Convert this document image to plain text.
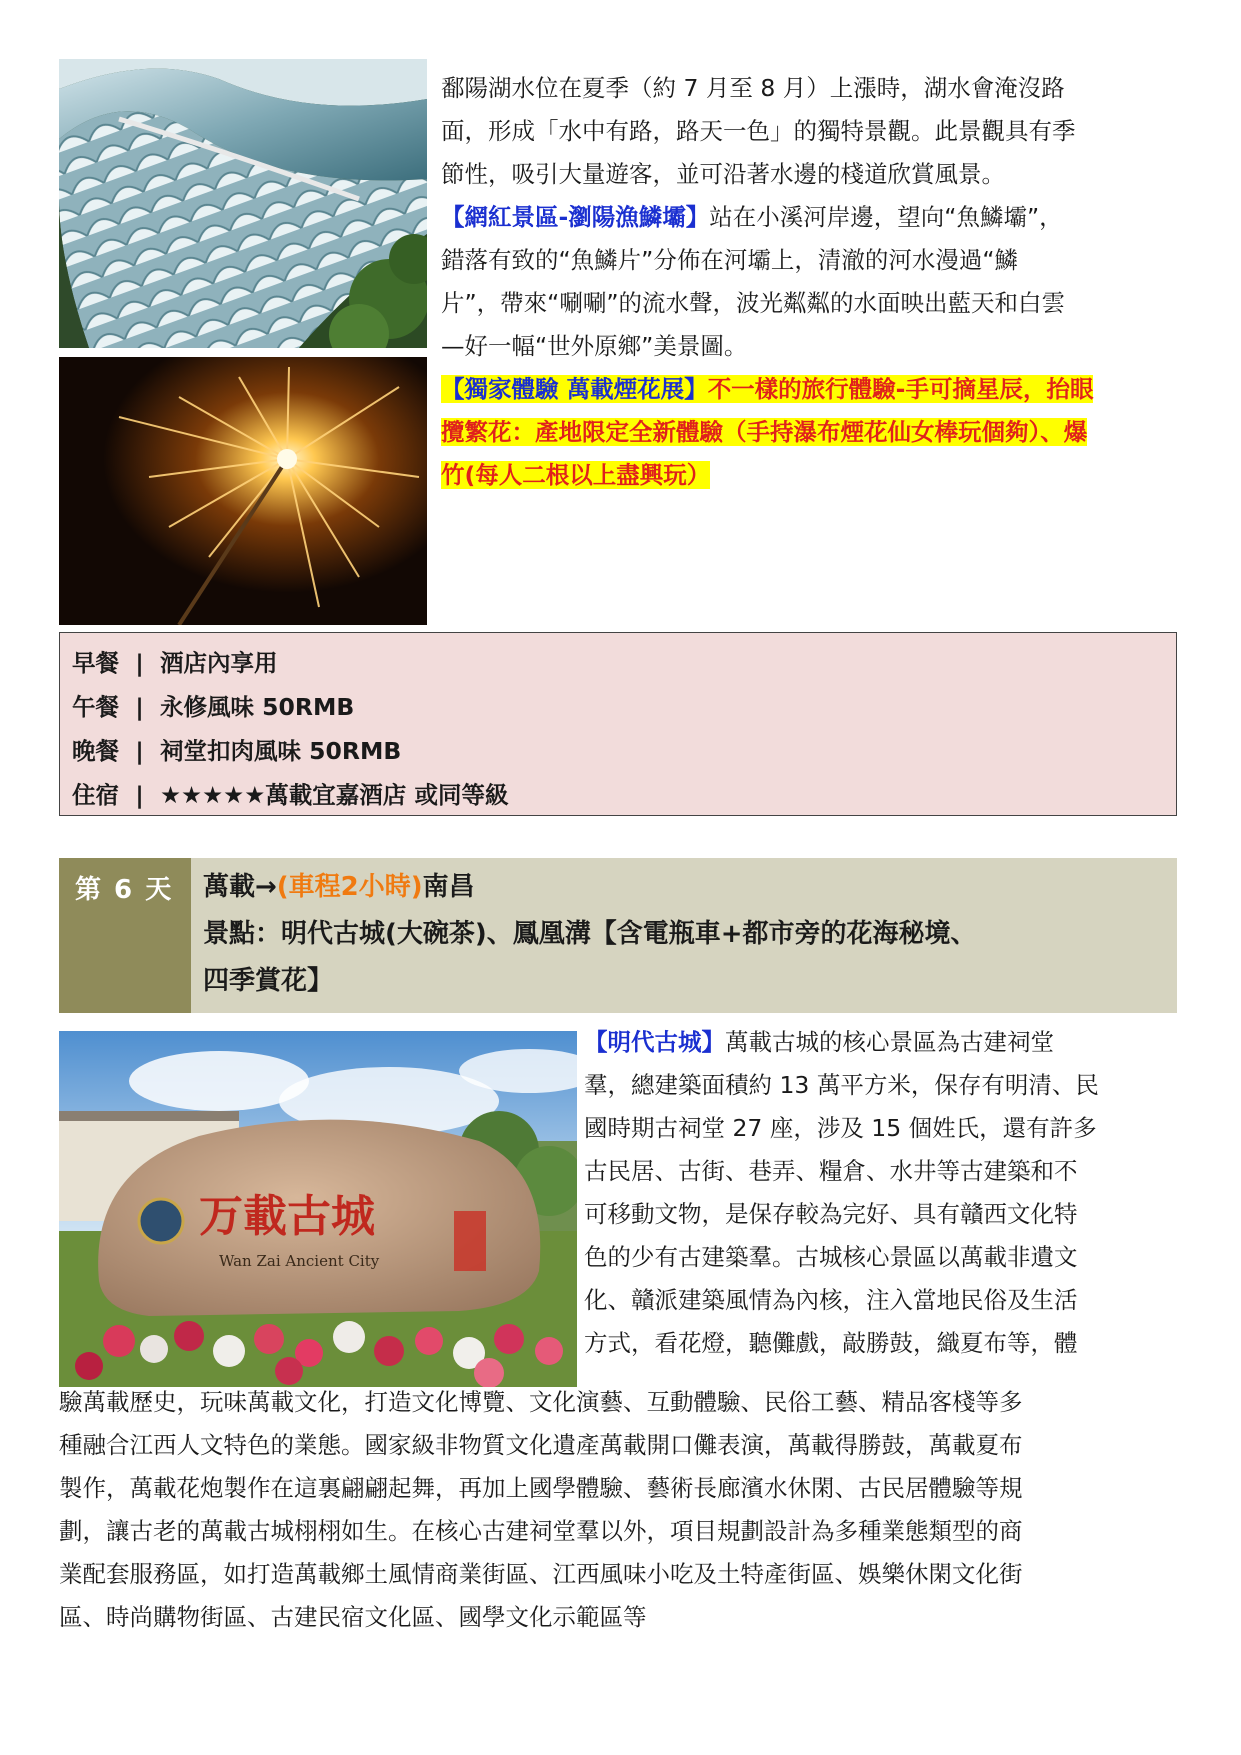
鄱陽湖水位在夏季（約 7 月至 8 月）上漲時，湖水會淹沒路
面，形成「水中有路，路天一色」的獨特景觀。此景觀具有季
節性，吸引大量遊客，並可沿著水邊的棧道欣賞風景。
【網紅景區-瀏陽漁鱗壩】站在小溪河岸邊，望向“魚鱗壩”，
錯落有致的“魚鱗片”分佈在河壩上，清澈的河水漫過“鱗
片”，帶來“唰唰”的流水聲，波光粼粼的水面映出藍天和白雲
—好一幅“世外原鄉”美景圖。
【獨家體驗 萬載煙花展】不一樣的旅行體驗-手可摘星辰，抬眼
攬繁花：產地限定全新體驗（手持瀑布煙花仙女棒玩個夠）、爆
竹(每人二根以上盡興玩）
早餐 | 酒店內享用
午餐 | 永修風味 50RMB
晚餐 | 祠堂扣肉風味 50RMB
住宿 | ★★★★★萬載宜嘉酒店 或同等級
第 6 天	萬載→(車程2小時)南昌
景點：明代古城(大碗茶)、鳳凰溝【含電瓶車+都市旁的花海秘境、
四季賞花】
万載古城
Wan Zai Ancient City
【明代古城】萬載古城的核心景區為古建祠堂
羣，總建築面積約 13 萬平方米，保存有明清、民
國時期古祠堂 27 座，涉及 15 個姓氏，還有許多
古民居、古街、巷弄、糧倉、水井等古建築和不
可移動文物，是保存較為完好、具有贛西文化特
色的少有古建築羣。古城核心景區以萬載非遺文
化、贛派建築風情為內核，注入當地民俗及生活
方式，看花燈，聽儺戲，敲勝鼓，織夏布等，體
驗萬載歷史，玩味萬載文化，打造文化博覽、文化演藝、互動體驗、民俗工藝、精品客棧等多
種融合江西人文特色的業態。國家級非物質文化遺產萬載開口儺表演，萬載得勝鼓，萬載夏布
製作，萬載花炮製作在這裏翩翩起舞，再加上國學體驗、藝術長廊濱水休閑、古民居體驗等規
劃，讓古老的萬載古城栩栩如生。在核心古建祠堂羣以外，項目規劃設計為多種業態類型的商
業配套服務區，如打造萬載鄉土風情商業街區、江西風味小吃及土特產街區、娛樂休閑文化街
區、時尚購物街區、古建民宿文化區、國學文化示範區等
